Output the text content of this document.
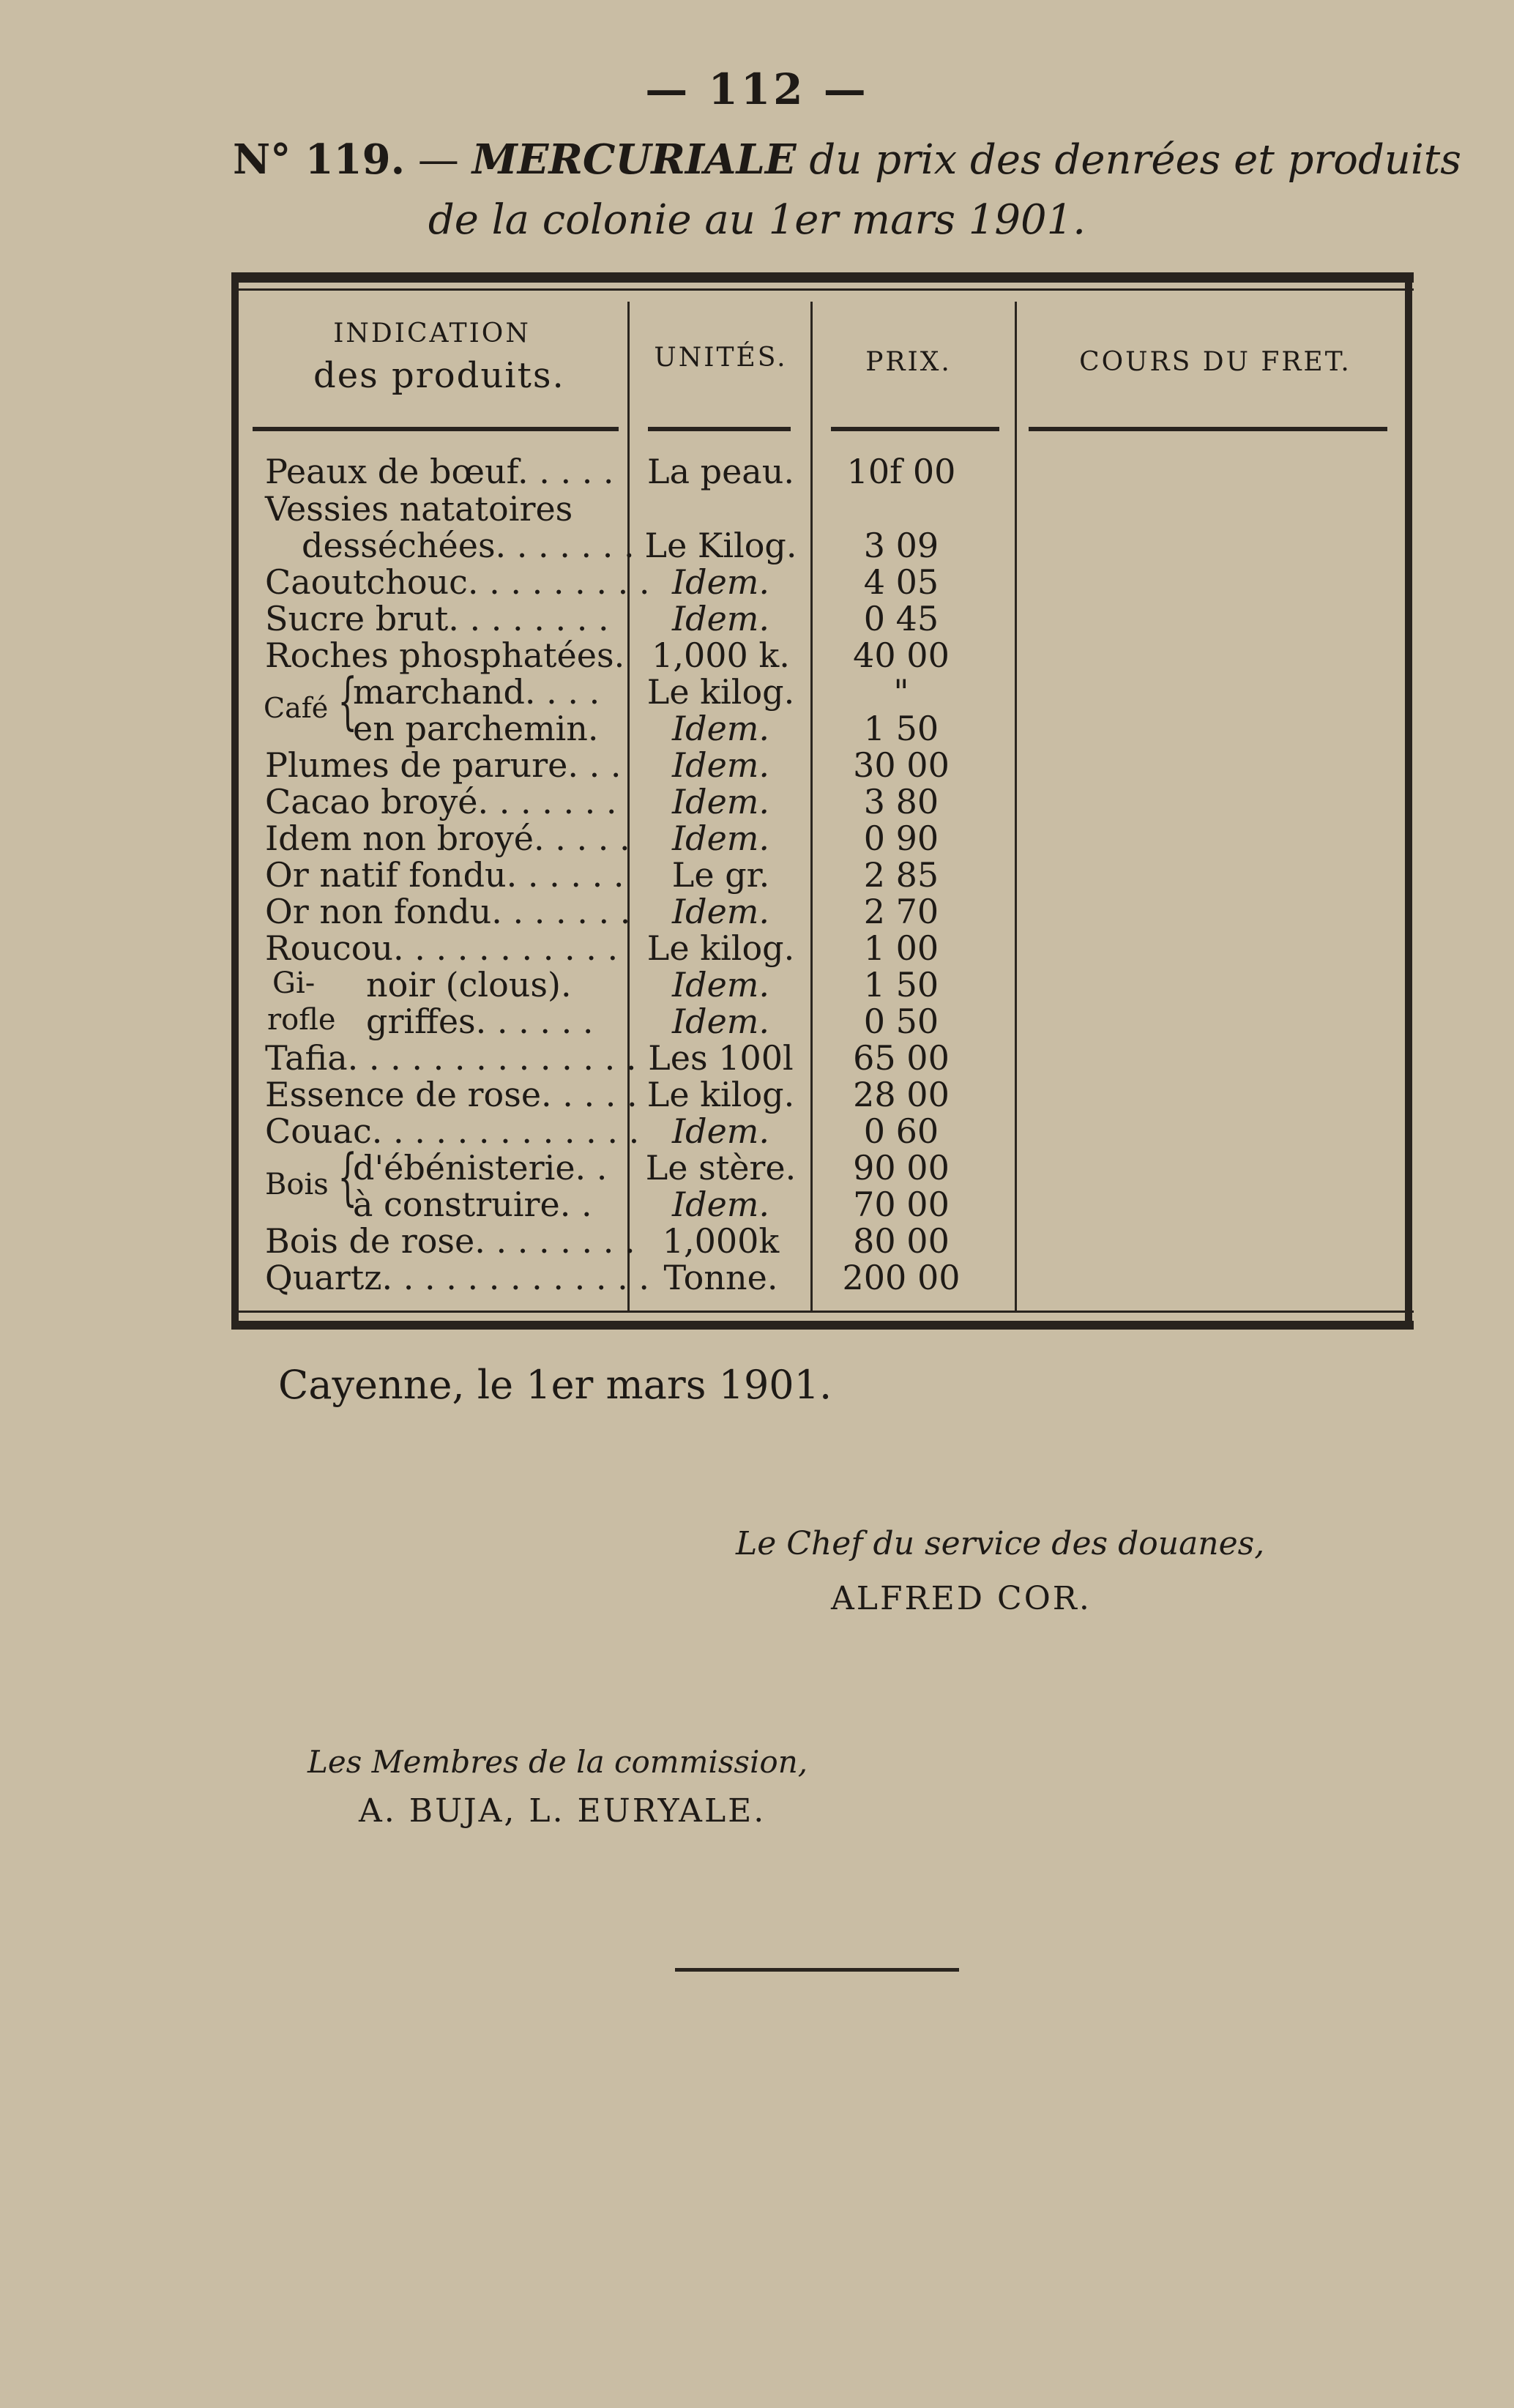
— 112 —
N° 119. — MERCURIALE du prix des denrées et produits
de la colonie au 1er mars 1901.
INDICATION
des produits.	UNITÉS.	PRIX.	COURS DU FRET.
Peaux de bœuf. . . . . La peau.	10f 00
Vessies natatoires
desséchées. . . . . . . Le Kilog.	3 09
Caoutchouc. . . . . . . . . Idem.	4 05
Sucre brut. . . . . . . .	Idem.	0 45
Roches phosphatées. 1,000 k.	40 00
Café {
marchand. . . .	Le kilog.	"
en parchemin.	Idem.	1 50
Plumes de parure. . .	Idem.	30 00
Cacao broyé. . . . . . .	Idem.	3 80
Idem non broyé. . . . .	Idem.	0 90
Or natif fondu. . . . . .	Le gr.	2 85
Or non fondu. . . . . . .	Idem.	2 70
Roucou. . . . . . . . . . . Le kilog.	1 00
Gi-
rofle
noir (clous).	Idem.	1 50
griffes. . . . . .	Idem.	0 50
Tafia. . . . . . . . . . . . . . Les 100l	65 00
Essence de rose. . . . . Le kilog.	28 00
Couac. . . . . . . . . . . . . Idem.	0 60
Bois {
d'ébénisterie. .	Le stère.	90 00
à construire. .	Idem.	70 00
Bois de rose. . . . . . . . 1,000k	80 00
Quartz. . . . . . . . . . . . . Tonne.	200 00
Cayenne, le 1er mars 1901.
Le Chef du service des douanes,
ALFRED COR.
Les Membres de la commission,
A. BUJA, L. EURYALE.
